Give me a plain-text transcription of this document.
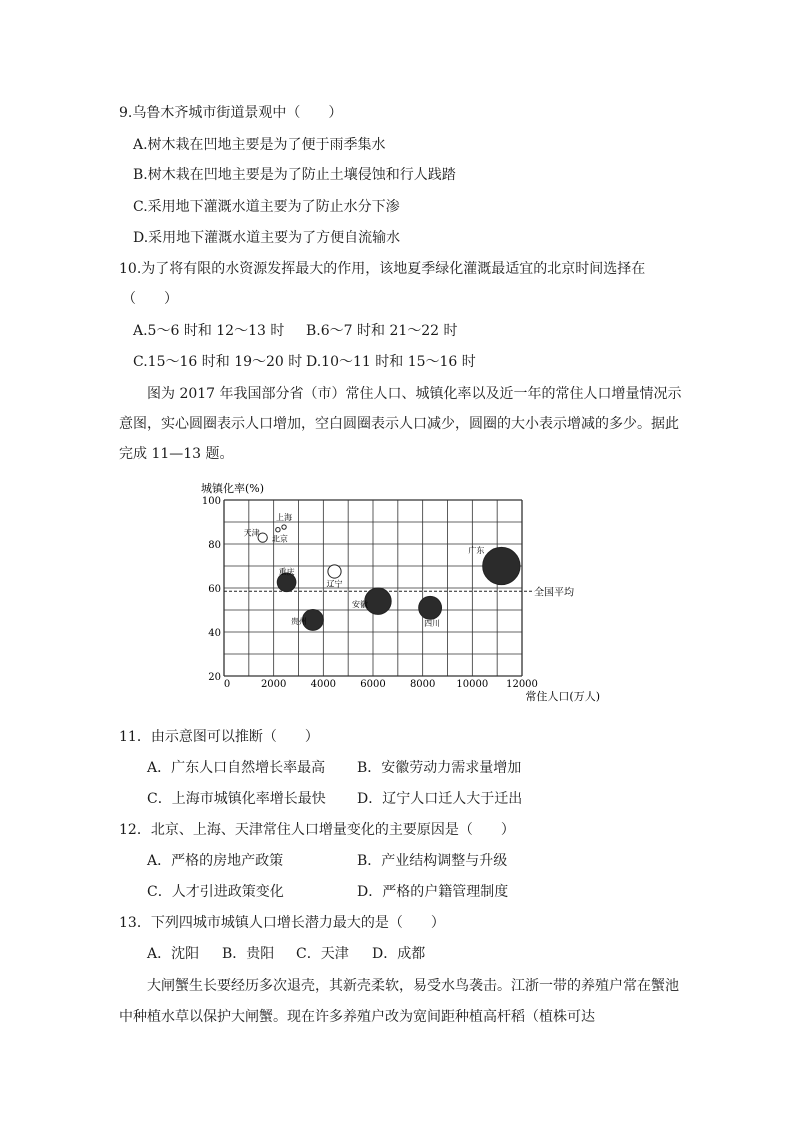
9.乌鲁木齐城市街道景观中（　　）
A.树木栽在凹地主要是为了便于雨季集水
B.树木栽在凹地主要是为了防止土壤侵蚀和行人践踏
C.采用地下灌溉水道主要为了防止水分下渗
D.采用地下灌溉水道主要为了方便自流输水
10.为了将有限的水资源发挥最大的作用，该地夏季绿化灌溉最适宜的北京时间选择在
（　　）
A.5～6 时和 12～13 时 B.6～7 时和 21～22 时
C.15～16 时和 19～20 时 D.10～11 时和 15～16 时
图为 2017 年我国部分省（市）常住人口、城镇化率以及近一年的常住人口增量情况示
意图，实心圆圈表示人口增加，空白圆圈表示人口减少，圆圈的大小表示增减的多少。据此
完成 11—13 题。
城镇化率(%)
常住人口(万人)
0	2000 4000 6000 8000 10000 12000
20
40
60
80
100
全国平均
天津
上海
北京
重庆
辽宁
广东
安徽
贵州	四川
11．由示意图可以推断（　　）
A．广东人口自然增长率最高 B．安徽劳动力需求量增加
C．上海市城镇化率增长最快 D．辽宁人口迁人大于迁出
12．北京、上海、天津常住人口增量变化的主要原因是（　　）
A．严格的房地产政策	B．产业结构调整与升级
C．人才引进政策变化	D．严格的户籍管理制度
13．下列四城市城镇人口增长潜力最大的是（　　）
A．沈阳 B．贵阳 C．天津 D．成都
大闸蟹生长要经历多次退壳，其新壳柔软，易受水鸟袭击。江浙一带的养殖户常在蟹池
中种植水草以保护大闸蟹。现在许多养殖户改为宽间距种植高杆稻（植株可达
